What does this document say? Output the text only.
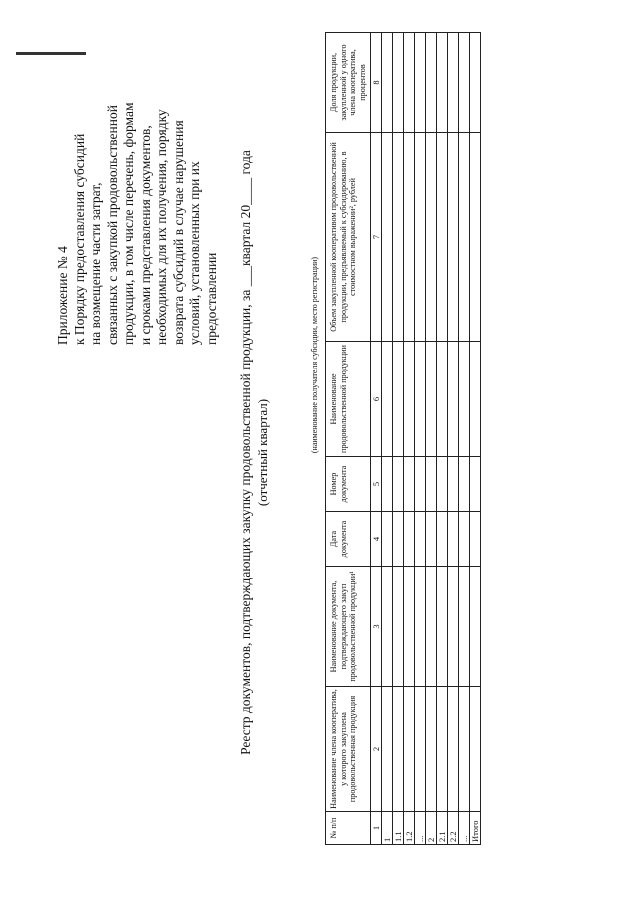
Приложение № 4 к Порядку предоставления субсидий на возмещение части затрат, связанных с закупкой продовольственной продукции, в том числе перечень, формам и сроками представления документов, необходимых для их получения, порядку возврата субсидий в случае нарушения условий, установленных при их предоставлении Реестр документов, подтверждающих закупку продовольственной продукции, за ___квартал 20____ года (отчетный квартал)	(наименование получателя субсидии, место регистрации)
№ п/п	Наименование члена кооператива, у которого закуплена продовольственная продукция	Наименование документа, подтверждающего закуп продовольственной продукции¹	Дата документа	Номер документа	Наименование продовольственной продукции	Объем закупленной кооперативом продовольственной продукции, предъявляемый к субсидированию, в стоимостном выражении², рублей	Доля продукции, закупленной у одного члена кооператива, процентов
1	2	3	4	5	6	7	8
1							
1.1							
1.2							
...							
2							
2.1							
2.2							
...							
Итого							
